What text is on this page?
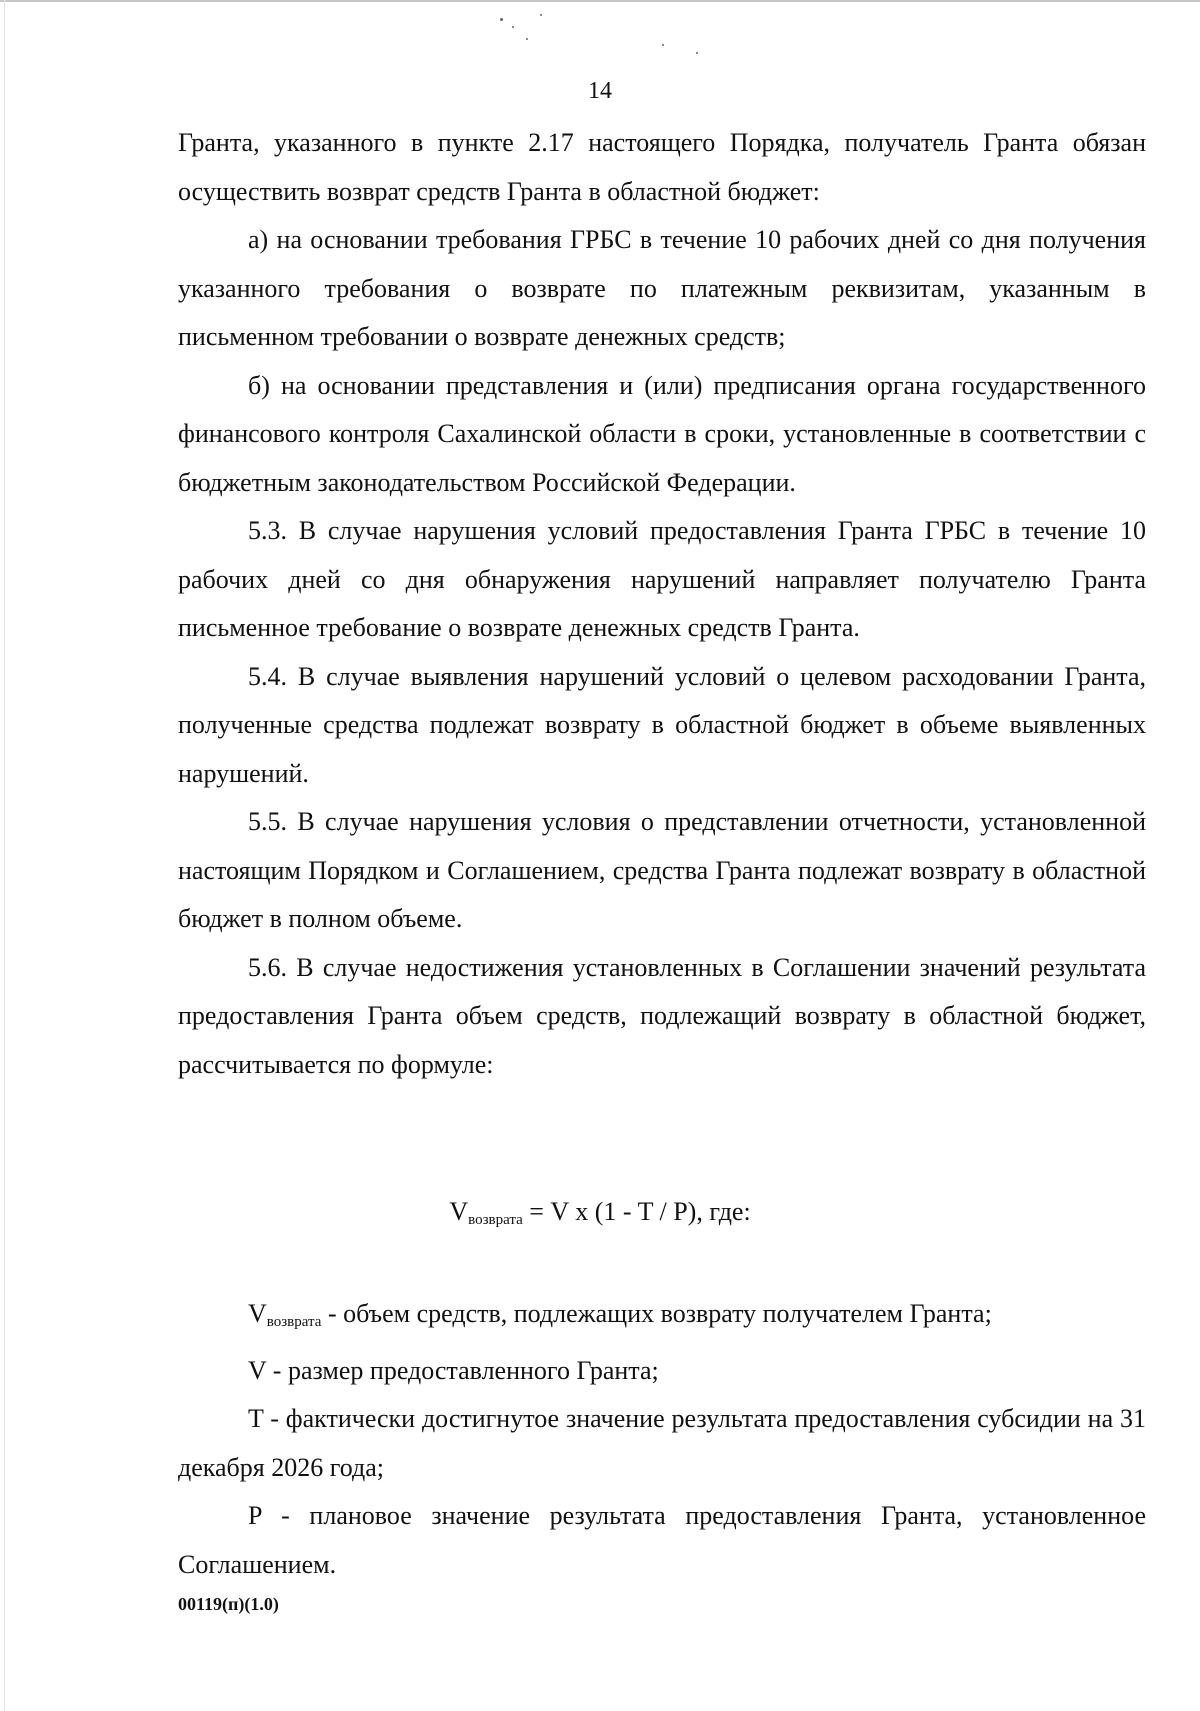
14

Гранта, указанного в пункте 2.17 настоящего Порядка, получатель Гранта обязан осуществить возврат средств Гранта в областной бюджет:

а) на основании требования ГРБС в течение 10 рабочих дней со дня получения указанного требования о возврате по платежным реквизитам, указанным в письменном требовании о возврате денежных средств;

б) на основании представления и (или) предписания органа государственного финансового контроля Сахалинской области в сроки, установленные в соответствии с бюджетным законодательством Российской Федерации.

5.3. В случае нарушения условий предоставления Гранта ГРБС в течение 10 рабочих дней со дня обнаружения нарушений направляет получателю Гранта письменное требование о возврате денежных средств Гранта.

5.4. В случае выявления нарушений условий о целевом расходовании Гранта, полученные средства подлежат возврату в областной бюджет в объеме выявленных нарушений.

5.5. В случае нарушения условия о представлении отчетности, установленной настоящим Порядком и Соглашением, средства Гранта подлежат возврату в областной бюджет в полном объеме.

5.6. В случае недостижения установленных в Соглашении значений результата предоставления Гранта объем средств, подлежащий возврату в областной бюджет, рассчитывается по формуле:

$V_{возврата} = V$ x (1 - T / P), где:

$V_{возврата}$ - объем средств, подлежащих возврату получателем Гранта;

V - размер предоставленного Гранта;

T - фактически достигнутое значение результата предоставления субсидии на 31 декабря 2026 года;

P - плановое значение результата предоставления Гранта, установленное Соглашением.

00119(п)(1.0)
